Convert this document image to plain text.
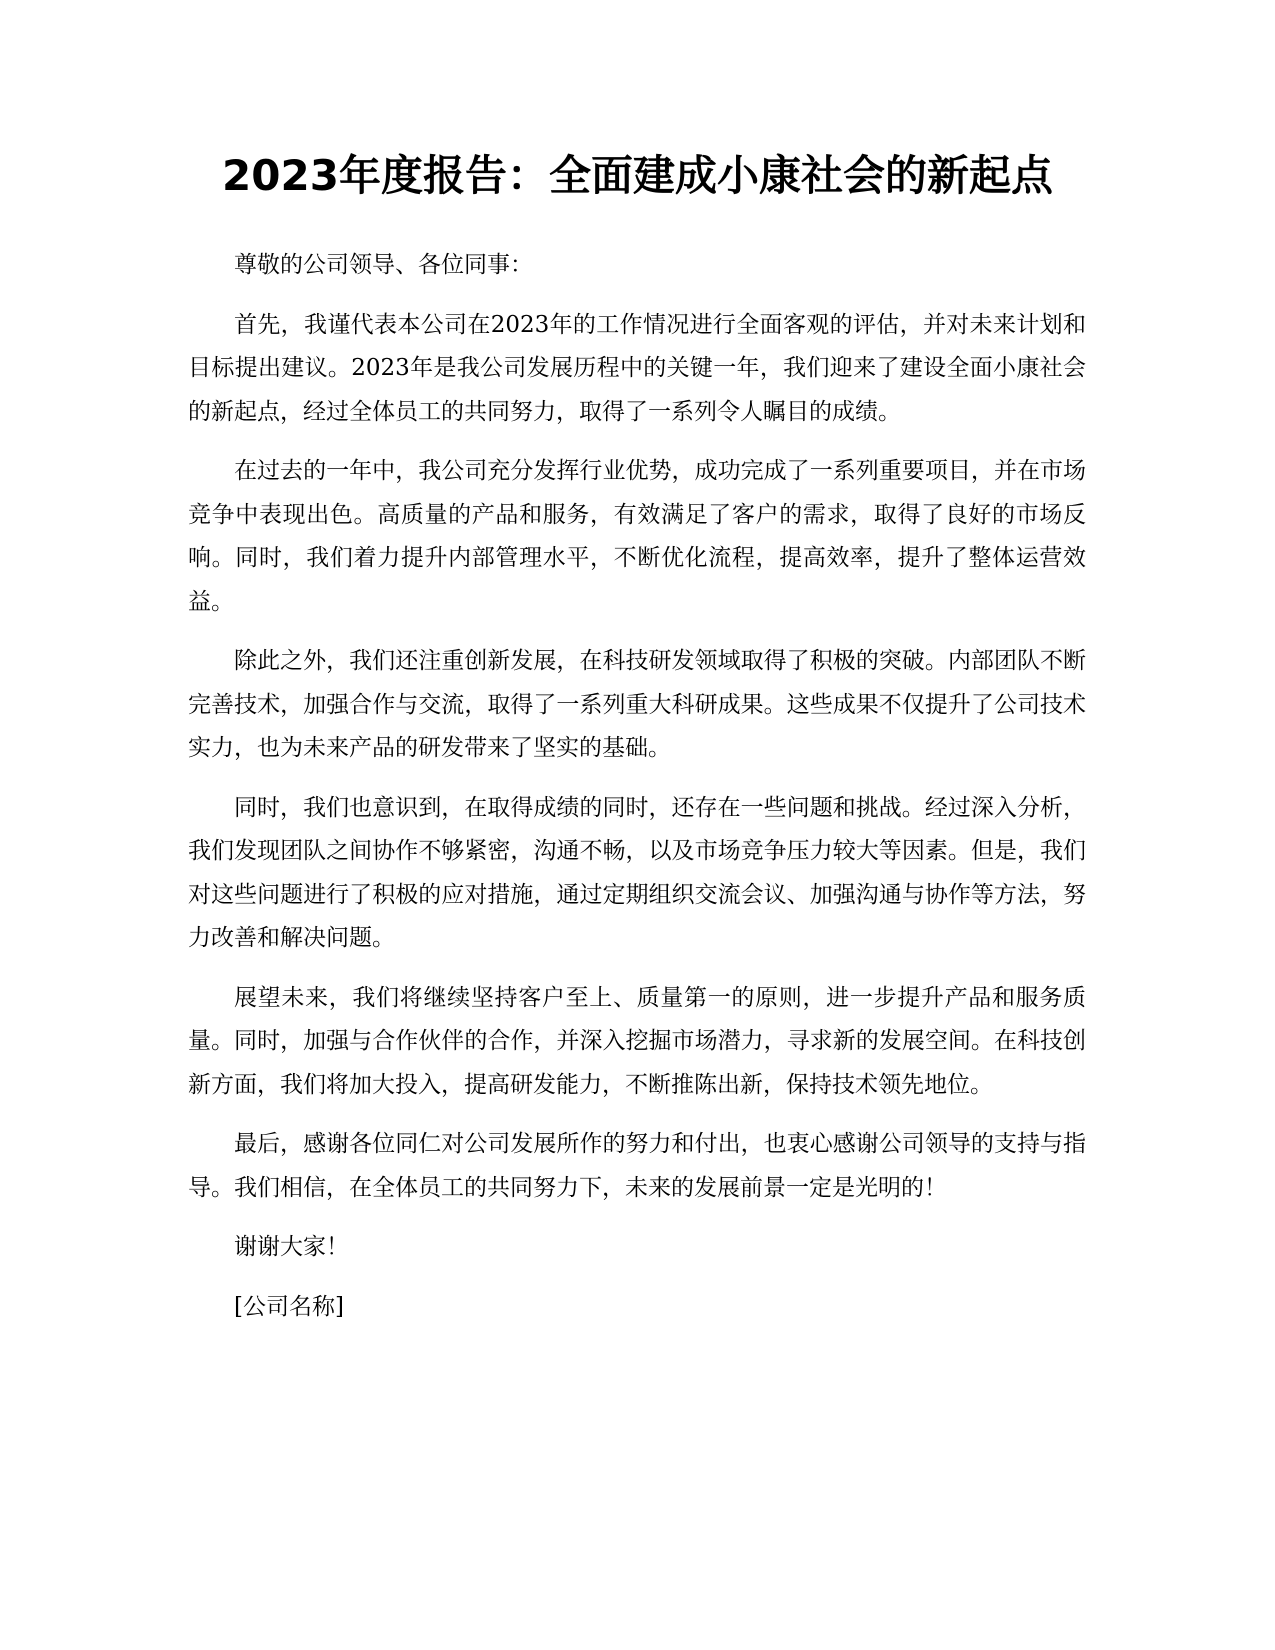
2023年度报告：全面建成小康社会的新起点

尊敬的公司领导、各位同事：

首先，我谨代表本公司在2023年的工作情况进行全面客观的评估，并对未来计划和目标提出建议。2023年是我公司发展历程中的关键一年，我们迎来了建设全面小康社会的新起点，经过全体员工的共同努力，取得了一系列令人瞩目的成绩。

在过去的一年中，我公司充分发挥行业优势，成功完成了一系列重要项目，并在市场竞争中表现出色。高质量的产品和服务，有效满足了客户的需求，取得了良好的市场反响。同时，我们着力提升内部管理水平，不断优化流程，提高效率，提升了整体运营效益。

除此之外，我们还注重创新发展，在科技研发领域取得了积极的突破。内部团队不断完善技术，加强合作与交流，取得了一系列重大科研成果。这些成果不仅提升了公司技术实力，也为未来产品的研发带来了坚实的基础。

同时，我们也意识到，在取得成绩的同时，还存在一些问题和挑战。经过深入分析，我们发现团队之间协作不够紧密，沟通不畅，以及市场竞争压力较大等因素。但是，我们对这些问题进行了积极的应对措施，通过定期组织交流会议、加强沟通与协作等方法，努力改善和解决问题。

展望未来，我们将继续坚持客户至上、质量第一的原则，进一步提升产品和服务质量。同时，加强与合作伙伴的合作，并深入挖掘市场潜力，寻求新的发展空间。在科技创新方面，我们将加大投入，提高研发能力，不断推陈出新，保持技术领先地位。

最后，感谢各位同仁对公司发展所作的努力和付出，也衷心感谢公司领导的支持与指导。我们相信，在全体员工的共同努力下，未来的发展前景一定是光明的！

谢谢大家！

[公司名称]
